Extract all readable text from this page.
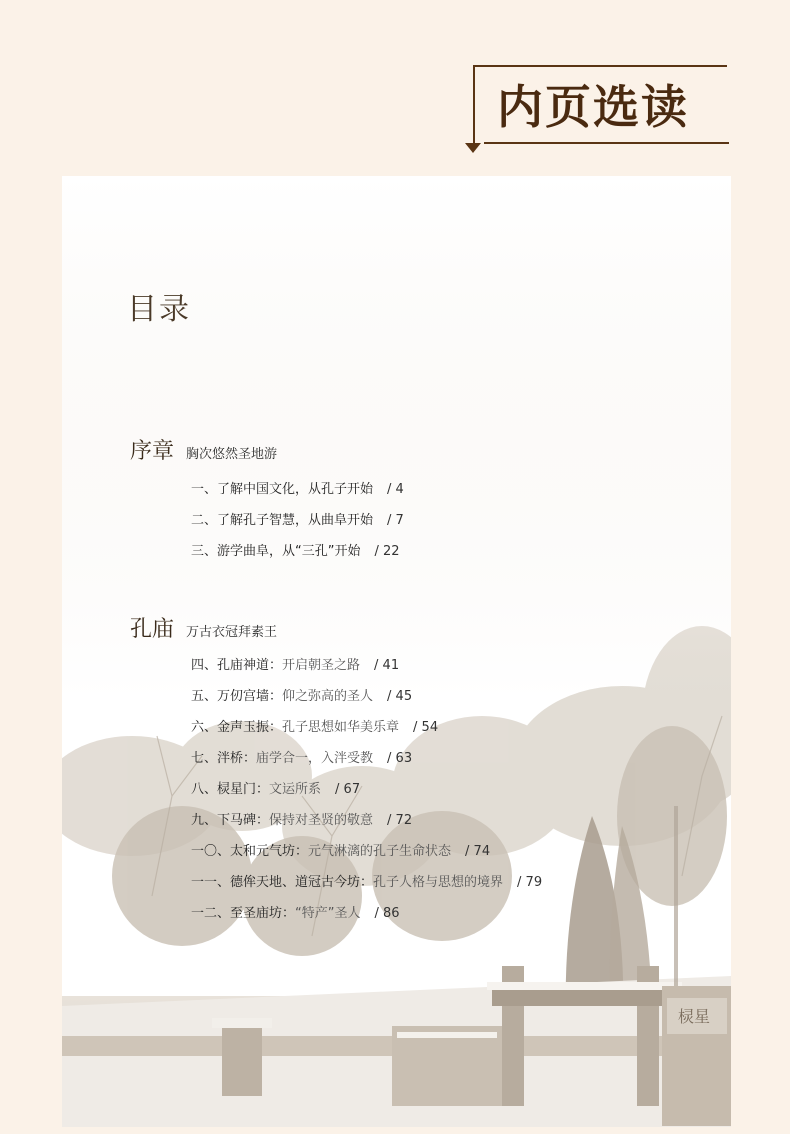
内页选读
目录
序章 胸次悠然圣地游
一、了解中国文化，从孔子开始 / 4
二、了解孔子智慧，从曲阜开始 / 7
三、游学曲阜，从“三孔”开始 / 22
孔庙 万古衣冠拜素王
四、孔庙神道：开启朝圣之路 / 41
五、万仞宫墙：仰之弥高的圣人 / 45
六、金声玉振：孔子思想如华美乐章 / 54
七、泮桥：庙学合一，入泮受教 / 63
八、棂星门：文运所系 / 67
九、下马碑：保持对圣贤的敬意 / 72
一〇、太和元气坊：元气淋漓的孔子生命状态 / 74
一一、德侔天地、道冠古今坊：孔子人格与思想的境界 / 79
一二、至圣庙坊：“特产”圣人 / 86
